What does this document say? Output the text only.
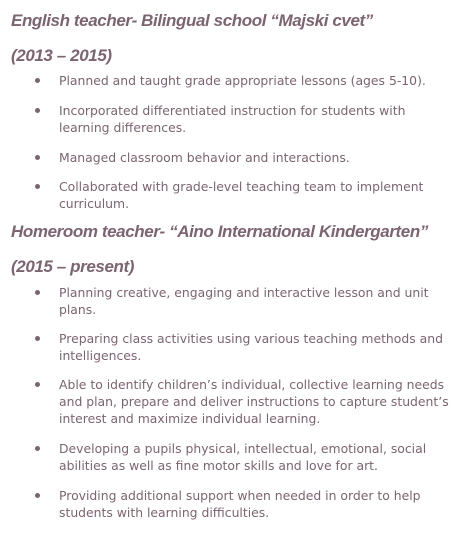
English teacher- Bilingual school “Majski cvet”
(2013 – 2015)
Planned and taught grade appropriate lessons (ages 5-10).
Incorporated differentiated instruction for students with learning differences.
Managed classroom behavior and interactions.
Collaborated with grade-level teaching team to implement curriculum.
Homeroom teacher- “Aino International Kindergarten”
(2015 – present)
Planning creative, engaging and interactive lesson and unit plans.
Preparing class activities using various teaching methods and intelligences.
Able to identify children’s individual, collective learning needs and plan, prepare and deliver instructions to capture student’s interest and maximize individual learning.
Developing a pupils physical, intellectual, emotional, social abilities as well as fine motor skills and love for art.
Providing additional support when needed in order to help students with learning difficulties.
